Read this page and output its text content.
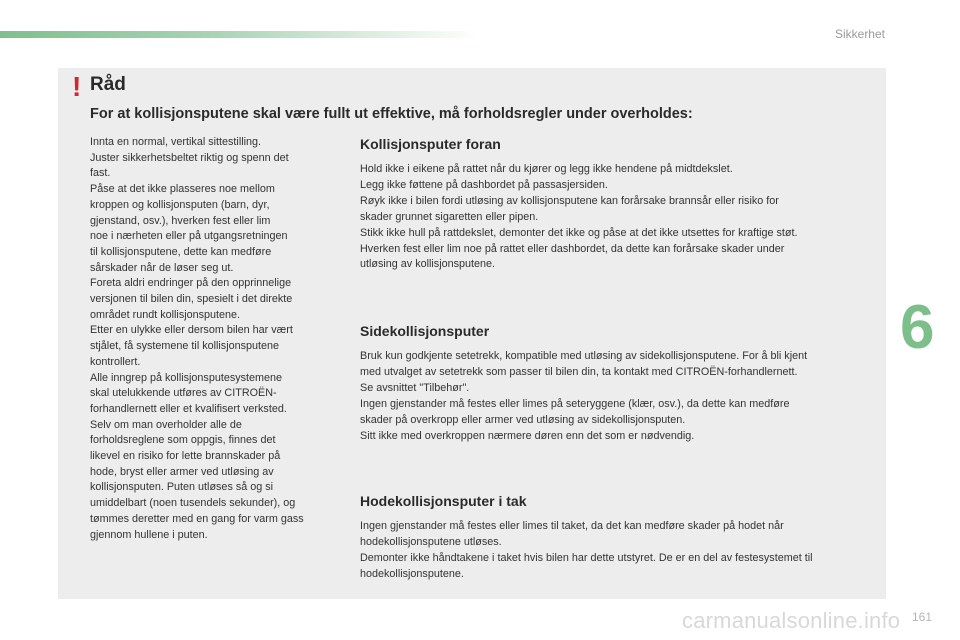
Sikkerhet
6
carmanualsonline.info 161
! Råd
For at kollisjonsputene skal være fullt ut effektive, må forholdsregler under overholdes:
Innta en normal, vertikal sittestilling.
Juster sikkerhetsbeltet riktig og spenn det
fast.
Påse at det ikke plasseres noe mellom
kroppen og kollisjonsputen (barn, dyr,
gjenstand, osv.), hverken fest eller lim
noe i nærheten eller på utgangsretningen
til kollisjonsputene, dette kan medføre
sårskader når de løser seg ut.
Foreta aldri endringer på den opprinnelige
versjonen til bilen din, spesielt i det direkte
området rundt kollisjonsputene.
Etter en ulykke eller dersom bilen har vært
stjålet, få systemene til kollisjonsputene
kontrollert.
Alle inngrep på kollisjonsputesystemene
skal utelukkende utføres av CITROËN-
forhandlernett eller et kvalifisert verksted.
Selv om man overholder alle de
forholdsreglene som oppgis, finnes det
likevel en risiko for lette brannskader på
hode, bryst eller armer ved utløsing av
kollisjonsputen. Puten utløses så og si
umiddelbart (noen tusendels sekunder), og
tømmes deretter med en gang for varm gass
gjennom hullene i puten.
Kollisjonsputer foran
Hold ikke i eikene på rattet når du kjører og legg ikke hendene på midtdekslet.
Legg ikke føttene på dashbordet på passasjersiden.
Røyk ikke i bilen fordi utløsing av kollisjonsputene kan forårsake brannsår eller risiko for
skader grunnet sigaretten eller pipen.
Stikk ikke hull på rattdekslet, demonter det ikke og påse at det ikke utsettes for kraftige støt.
Hverken fest eller lim noe på rattet eller dashbordet, da dette kan forårsake skader under
utløsing av kollisjonsputene.
Sidekollisjonsputer
Bruk kun godkjente setetrekk, kompatible med utløsing av sidekollisjonsputene. For å bli kjent
med utvalget av setetrekk som passer til bilen din, ta kontakt med CITROËN-forhandlernett.
Se avsnittet "Tilbehør".
Ingen gjenstander må festes eller limes på seteryggene (klær, osv.), da dette kan medføre
skader på overkropp eller armer ved utløsing av sidekollisjonsputen.
Sitt ikke med overkroppen nærmere døren enn det som er nødvendig.
Hodekollisjonsputer i tak
Ingen gjenstander må festes eller limes til taket, da det kan medføre skader på hodet når
hodekollisjonsputene utløses.
Demonter ikke håndtakene i taket hvis bilen har dette utstyret. De er en del av festesystemet til
hodekollisjonsputene.
